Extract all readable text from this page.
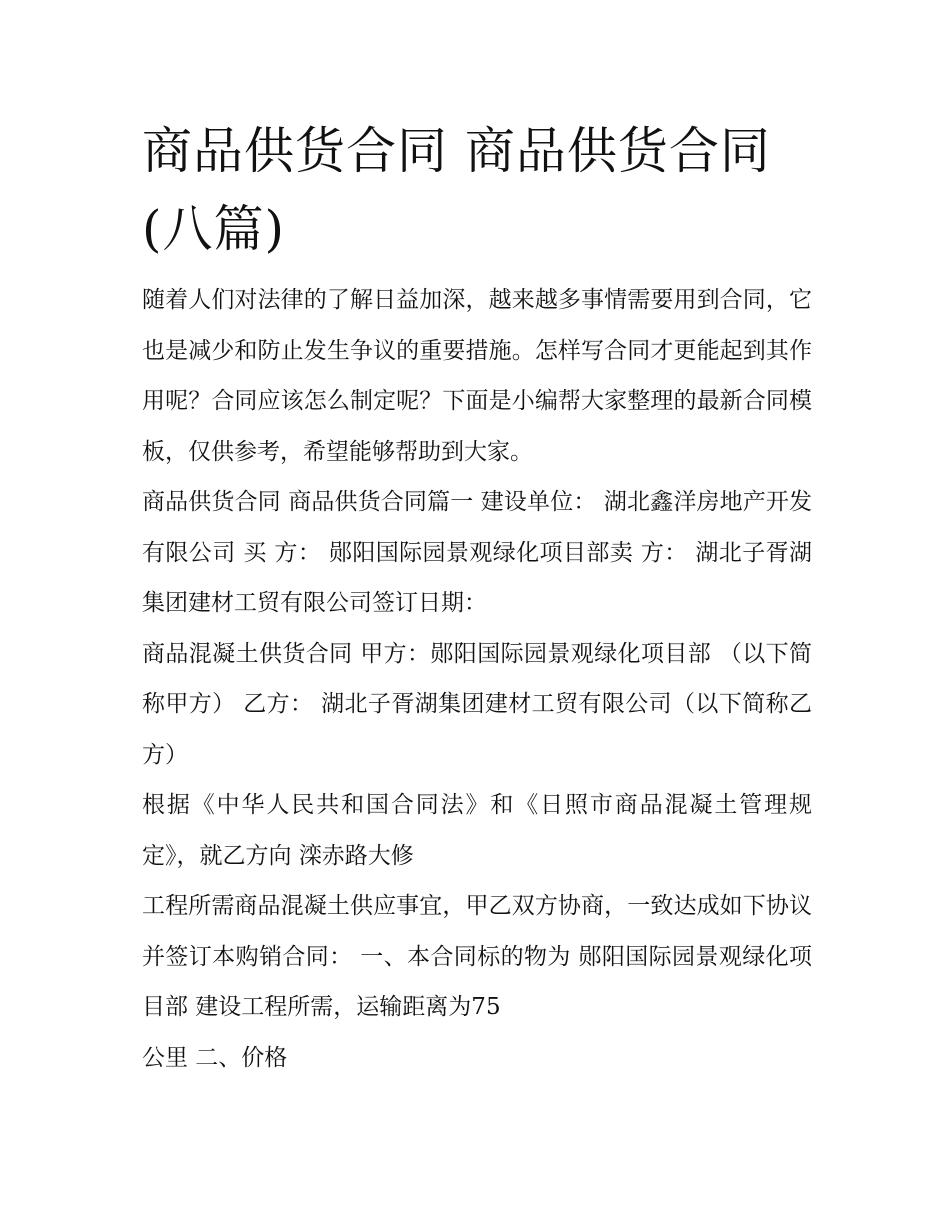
商品供货合同 商品供货合同(八篇)

随着人们对法律的了解日益加深，越来越多事情需要用到合同，它也是减少和防止发生争议的重要措施。怎样写合同才更能起到其作用呢？合同应该怎么制定呢？下面是小编帮大家整理的最新合同模板，仅供参考，希望能够帮助到大家。

商品供货合同 商品供货合同篇一 建设单位： 湖北鑫洋房地产开发有限公司 买 方： 郧阳国际园景观绿化项目部卖 方： 湖北子胥湖集团建材工贸有限公司签订日期：

商品混凝土供货合同 甲方：郧阳国际园景观绿化项目部 （以下简称甲方） 乙方： 湖北子胥湖集团建材工贸有限公司（以下简称乙方）

根据《中华人民共和国合同法》和《日照市商品混凝土管理规定》，就乙方向 滦赤路大修

工程所需商品混凝土供应事宜，甲乙双方协商，一致达成如下协议并签订本购销合同： 一、本合同标的物为 郧阳国际园景观绿化项目部 建设工程所需，运输距离为75

公里 二、价格
